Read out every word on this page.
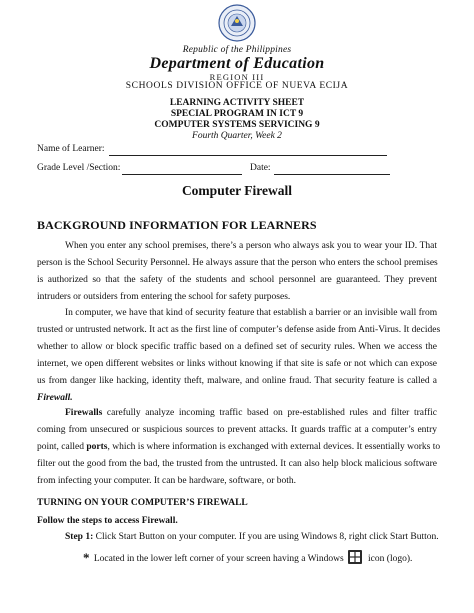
Republic of the Philippines
Department of Education
REGION III
SCHOOLS DIVISION OFFICE OF NUEVA ECIJA
LEARNING ACTIVITY SHEET
SPECIAL PROGRAM IN ICT 9
COMPUTER SYSTEMS SERVICING 9
Fourth Quarter, Week 2
Name of Learner:
Grade Level /Section:	Date:
Computer Firewall
BACKGROUND INFORMATION FOR LEARNERS
When you enter any school premises, there’s a person who always ask you to wear your ID. That
person is the School Security Personnel. He always assure that the person who enters the school premises
is authorized so that the safety of the students and school personnel are guaranteed. They prevent
intruders or outsiders from entering the school for safety purposes.
In computer, we have that kind of security feature that establish a barrier or an invisible wall from
trusted or untrusted network. It act as the first line of computer’s defense aside from Anti-Virus. It decides
whether to allow or block specific traffic based on a defined set of security rules. When we access the
internet, we open different websites or links without knowing if that site is safe or not which can expose
us from danger like hacking, identity theft, malware, and online fraud. That security feature is called a
Firewall.
Firewalls carefully analyze incoming traffic based on pre-established rules and filter traffic
coming from unsecured or suspicious sources to prevent attacks. It guards traffic at a computer’s entry
point, called ports, which is where information is exchanged with external devices. It essentially works to
filter out the good from the bad, the trusted from the untrusted. It can also help block malicious software
from infecting your computer. It can be hardware, software, or both.
TURNING ON YOUR COMPUTER’S FIREWALL
Follow the steps to access Firewall.
Step 1: Click Start Button on your computer. If you are using Windows 8, right click Start Button.
* Located in the lower left corner of your screen having a Windows
icon (logo).
